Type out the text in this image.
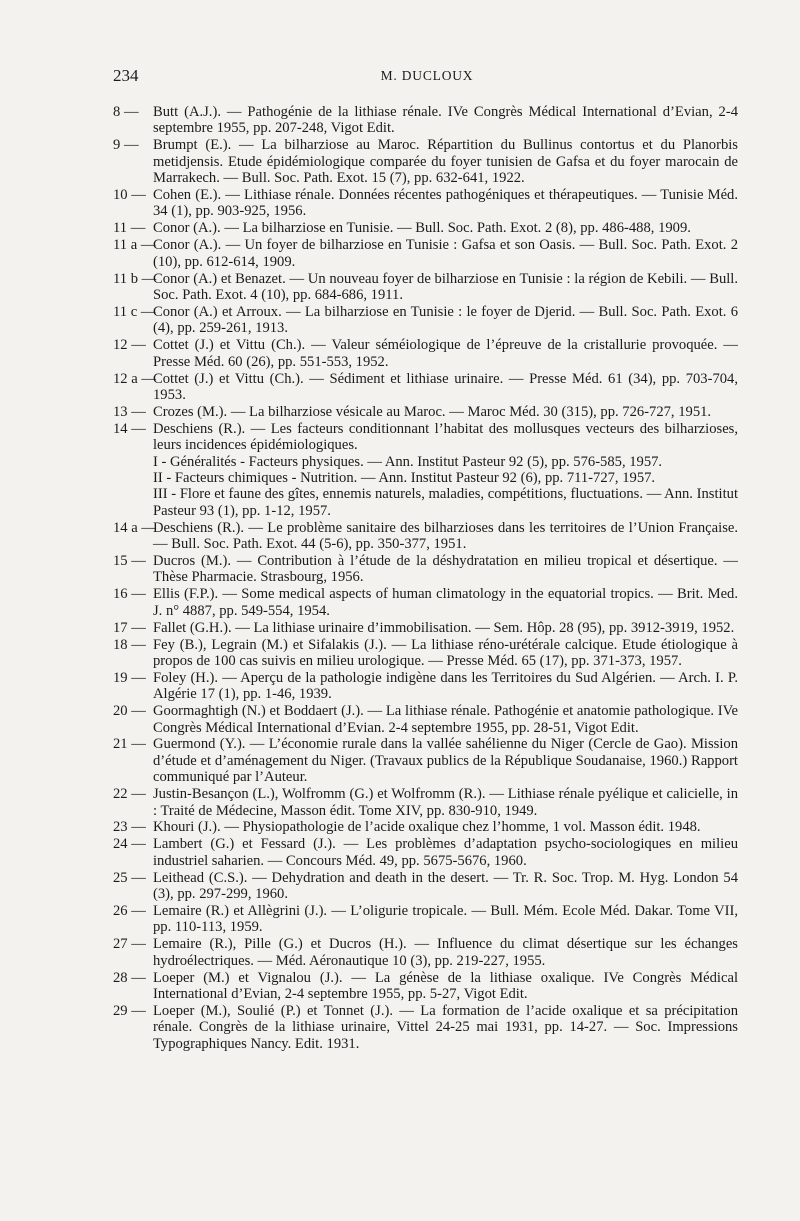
234	M. DUCLOUX
8 — Butt (A.J.). — Pathogénie de la lithiase rénale. IVe Congrès Médical International d’Evian, 2-4 septembre 1955, pp. 207-248, Vigot Edit.
9 — Brumpt (E.). — La bilharziose au Maroc. Répartition du Bullinus contortus et du Planorbis metidjensis. Etude épidémiologique comparée du foyer tunisien de Gafsa et du foyer marocain de Marrakech. — Bull. Soc. Path. Exot. 15 (7), pp. 632-641, 1922.
10 — Cohen (E.). — Lithiase rénale. Données récentes pathogéniques et thérapeutiques. — Tunisie Méd. 34 (1), pp. 903-925, 1956.
11 — Conor (A.). — La bilharziose en Tunisie. — Bull. Soc. Path. Exot. 2 (8), pp. 486-488, 1909.
11 a —
Conor (A.). — Un foyer de bilharziose en Tunisie : Gafsa et son Oasis. — Bull. Soc. Path. Exot. 2 (10), pp. 612-614, 1909.
11 b —
Conor (A.) et Benazet. — Un nouveau foyer de bilharziose en Tunisie : la région de Kebili. — Bull. Soc. Path. Exot. 4 (10), pp. 684-686, 1911.
11 c —
Conor (A.) et Arroux. — La bilharziose en Tunisie : le foyer de Djerid. — Bull. Soc. Path. Exot. 6 (4), pp. 259-261, 1913.
12 — Cottet (J.) et Vittu (Ch.). — Valeur séméiologique de l’épreuve de la cristallurie provoquée. — Presse Méd. 60 (26), pp. 551-553, 1952.
12 a —
Cottet (J.) et Vittu (Ch.). — Sédiment et lithiase urinaire. — Presse Méd. 61 (34), pp. 703-704, 1953.
13 — Crozes (M.). — La bilharziose vésicale au Maroc. — Maroc Méd. 30 (315), pp. 726-727, 1951.
14 — Deschiens (R.). — Les facteurs conditionnant l’habitat des mollusques vecteurs des bilharzioses, leurs incidences épidémiologiques.
I - Généralités - Facteurs physiques. — Ann. Institut Pasteur 92 (5), pp. 576-585, 1957.
II - Facteurs chimiques - Nutrition. — Ann. Institut Pasteur 92 (6), pp. 711-727, 1957.
III - Flore et faune des gîtes, ennemis naturels, maladies, compétitions, fluctuations. — Ann. Institut Pasteur 93 (1), pp. 1-12, 1957.
14 a —
Deschiens (R.). — Le problème sanitaire des bilharzioses dans les territoires de l’Union Française. — Bull. Soc. Path. Exot. 44 (5-6), pp. 350-377, 1951.
15 — Ducros (M.). — Contribution à l’étude de la déshydratation en milieu tropical et désertique. — Thèse Pharmacie. Strasbourg, 1956.
16 — Ellis (F.P.). — Some medical aspects of human climatology in the equatorial tropics. — Brit. Med. J. n° 4887, pp. 549-554, 1954.
17 — Fallet (G.H.). — La lithiase urinaire d’immobilisation. — Sem. Hôp. 28 (95), pp. 3912-3919, 1952.
18 — Fey (B.), Legrain (M.) et Sifalakis (J.). — La lithiase réno-urétérale calcique. Etude étiologique à propos de 100 cas suivis en milieu urologique. — Presse Méd. 65 (17), pp. 371-373, 1957.
19 — Foley (H.). — Aperçu de la pathologie indigène dans les Territoires du Sud Algérien. — Arch. I. P. Algérie 17 (1), pp. 1-46, 1939.
20 — Goormaghtigh (N.) et Boddaert (J.). — La lithiase rénale. Pathogénie et anatomie pathologique. IVe Congrès Médical International d’Evian. 2-4 septembre 1955, pp. 28-51, Vigot Edit.
21 — Guermond (Y.). — L’économie rurale dans la vallée sahélienne du Niger (Cercle de Gao). Mission d’étude et d’aménagement du Niger. (Travaux publics de la République Soudanaise, 1960.) Rapport communiqué par l’Auteur.
22 — Justin-Besançon (L.), Wolfromm (G.) et Wolfromm (R.). — Lithiase rénale pyélique et calicielle, in : Traité de Médecine, Masson édit. Tome XIV, pp. 830-910, 1949.
23 — Khouri (J.). — Physiopathologie de l’acide oxalique chez l’homme, 1 vol. Masson édit. 1948.
24 — Lambert (G.) et Fessard (J.). — Les problèmes d’adaptation psycho-sociologiques en milieu industriel saharien. — Concours Méd. 49, pp. 5675-5676, 1960.
25 — Leithead (C.S.). — Dehydration and death in the desert. — Tr. R. Soc. Trop. M. Hyg. London 54 (3), pp. 297-299, 1960.
26 — Lemaire (R.) et Allègrini (J.). — L’oligurie tropicale. — Bull. Mém. Ecole Méd. Dakar. Tome VII, pp. 110-113, 1959.
27 — Lemaire (R.), Pille (G.) et Ducros (H.). — Influence du climat désertique sur les échanges hydroélectriques. — Méd. Aéronautique 10 (3), pp. 219-227, 1955.
28 — Loeper (M.) et Vignalou (J.). — La génèse de la lithiase oxalique. IVe Congrès Médical International d’Evian, 2-4 septembre 1955, pp. 5-27, Vigot Edit.
29 — Loeper (M.), Soulié (P.) et Tonnet (J.). — La formation de l’acide oxalique et sa précipitation rénale. Congrès de la lithiase urinaire, Vittel 24-25 mai 1931, pp. 14-27. — Soc. Impressions Typographiques Nancy. Edit. 1931.
